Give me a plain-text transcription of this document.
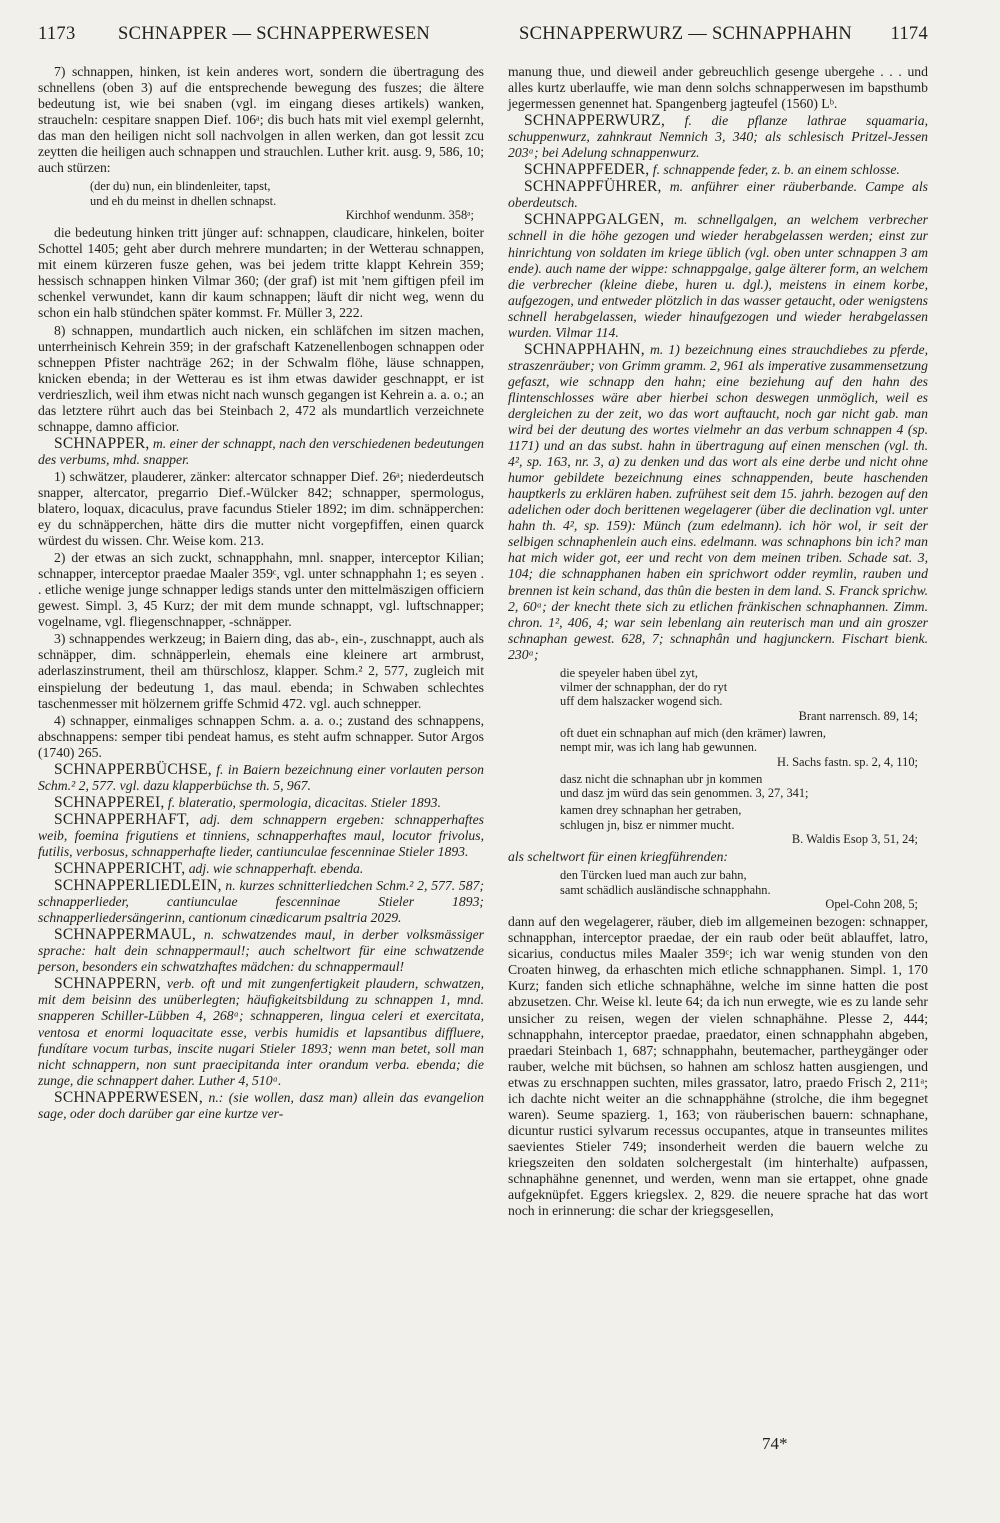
1173 SCHNAPPER — SCHNAPPERWESEN	SCHNAPPERWURZ — SCHNAPPHAHN 1174

7) schnappen, hinken, ist kein anderes wort, sondern die übertragung des schnellens (oben 3) auf die entsprechende bewegung des fuszes; die ältere bedeutung ist, wie bei snaben (vgl. im eingang dieses artikels) wanken, straucheln: cespitare snappen Dief. 106ᵃ; dis buch hats mit viel exempl gelernht, das man den heiligen nicht soll nachvolgen in allen werken, dan got lessit zcu zeytten die heiligen auch schnappen und strauchlen. Luther krit. ausg. 9, 586, 10; auch stürzen:

(der du) nun, ein blindenleiter, tapst,
und eh du meinst in dhellen schnapst.
Kirchhof wendunm. 358ᵃ;

die bedeutung hinken tritt jünger auf: schnappen, claudicare, hinkelen, boiter Schottel 1405; geht aber durch mehrere mundarten; in der Wetterau schnappen, mit einem kürzeren fusze gehen, was bei jedem tritte klappt Kehrein 359; hessisch schnappen hinken Vilmar 360; (der graf) ist mit 'nem giftigen pfeil im schenkel verwundet, kann dir kaum schnappen; läuft dir nicht weg, wenn du schon ein halb stündchen später kommst. Fr. Müller 3, 222.

8) schnappen, mundartlich auch nicken, ein schläfchen im sitzen machen, unterrheinisch Kehrein 359; in der grafschaft Katzenellenbogen schnappen oder schneppen Pfister nachträge 262; in der Schwalm flöhe, läuse schnappen, knicken ebenda; in der Wetterau es ist ihm etwas dawider geschnappt, er ist verdrieszlich, weil ihm etwas nicht nach wunsch gegangen ist Kehrein a. a. o.; an das letztere rührt auch das bei Steinbach 2, 472 als mundartlich verzeichnete schnappe, damno afficior.

SCHNAPPER, m. einer der schnappt, nach den verschiedenen bedeutungen des verbums, mhd. snapper.

1) schwätzer, plauderer, zänker: altercator schnapper Dief. 26ᵃ; niederdeutsch snapper, altercator, pregarrio Dief.-Wülcker 842; schnapper, spermologus, blatero, loquax, dicaculus, prave facundus Stieler 1892; im dim. schnäpperchen: ey du schnäpperchen, hätte dirs die mutter nicht vorgepfiffen, einen quarck würdest du wissen. Chr. Weise kom. 213.

2) der etwas an sich zuckt, schnapphahn, mnl. snapper, interceptor Kilian; schnapper, interceptor praedae Maaler 359ᶜ, vgl. unter schnapphahn 1; es seyen . . etliche wenige junge schnapper ledigs stands unter den mittelmäszigen officiern gewest. Simpl. 3, 45 Kurz; der mit dem munde schnappt, vgl. luftschnapper; vogelname, vgl. fliegenschnapper, -schnäpper.

3) schnappendes werkzeug; in Baiern ding, das ab-, ein-, zuschnappt, auch als schnäpper, dim. schnäpperlein, ehemals eine kleinere art armbrust, aderlaszinstrument, theil am thürschlosz, klapper. Schm.² 2, 577, zugleich mit einspielung der bedeutung 1, das maul. ebenda; in Schwaben schlechtes taschenmesser mit hölzernem griffe Schmid 472. vgl. auch schnepper.

4) schnapper, einmaliges schnappen Schm. a. a. o.; zustand des schnappens, abschnappens: semper tibi pendeat hamus, es steht aufm schnapper. Sutor Argos (1740) 265.

SCHNAPPERBÜCHSE, f. in Baiern bezeichnung einer vorlauten person Schm.² 2, 577. vgl. dazu klapperbüchse th. 5, 967.

SCHNAPPEREI, f. blateratio, spermologia, dicacitas. Stieler 1893.

SCHNAPPERHAFT, adj. dem schnappern ergeben: schnapperhaftes weib, foemina frigutiens et tinniens, schnapperhaftes maul, locutor frivolus, futilis, verbosus, schnapperhafte lieder, cantiunculae fescenninae Stieler 1893.

SCHNAPPERICHT, adj. wie schnapperhaft. ebenda.

SCHNAPPERLIEDLEIN, n. kurzes schnitterliedchen Schm.² 2, 577. 587; schnapperlieder, cantiunculae fescenninae Stieler 1893; schnapperliedersängerinn, cantionum cinædicarum psaltria 2029.

SCHNAPPERMAUL, n. schwatzendes maul, in derber volksmässiger sprache: halt dein schnappermaul!; auch scheltwort für eine schwatzende person, besonders ein schwatzhaftes mädchen: du schnappermaul!

SCHNAPPERN, verb. oft und mit zungenfertigkeit plaudern, schwatzen, mit dem beisinn des unüberlegten; häufigkeitsbildung zu schnappen 1, mnd. snapperen Schiller-Lübben 4, 268ᵃ; schnapperen, lingua celeri et exercitata, ventosa et enormi loquacitate esse, verbis humidis et lapsantibus diffluere, fundítare vocum turbas, inscite nugari Stieler 1893; wenn man betet, soll man nicht schnappern, non sunt praecipitanda inter orandum verba. ebenda; die zunge, die schnappert daher. Luther 4, 510ᵃ.

SCHNAPPERWESEN, n.: (sie wollen, dasz man) allein das evangelion sage, oder doch darüber gar eine kurtze ver-

manung thue, und dieweil ander gebreuchlich gesenge ubergehe . . . und alles kurtz uberlauffe, wie man denn solchs schnapperwesen im bapsthumb jegermessen genennet hat. Spangenberg jagteufel (1560) Lᵇ.

SCHNAPPERWURZ, f. die pflanze lathrae squamaria, schuppenwurz, zahnkraut Nemnich 3, 340; als schlesisch Pritzel-Jessen 203ᵃ; bei Adelung schnappenwurz.

SCHNAPPFEDER, f. schnappende feder, z. b. an einem schlosse.

SCHNAPPFÜHRER, m. anführer einer räuberbande. Campe als oberdeutsch.

SCHNAPPGALGEN, m. schnellgalgen, an welchem verbrecher schnell in die höhe gezogen und wieder herabgelassen werden; einst zur hinrichtung von soldaten im kriege üblich (vgl. oben unter schnappen 3 am ende). auch name der wippe: schnappgalge, galge älterer form, an welchem die verbrecher (kleine diebe, huren u. dgl.), meistens in einem korbe, aufgezogen, und entweder plötzlich in das wasser getaucht, oder wenigstens schnell herabgelassen, wieder hinaufgezogen und wieder herabgelassen wurden. Vilmar 114.

SCHNAPPHAHN, m. 1) bezeichnung eines strauchdiebes zu pferde, straszenräuber; von Grimm gramm. 2, 961 als imperative zusammensetzung gefaszt, wie schnapp den hahn; eine beziehung auf den hahn des flintenschlosses wäre aber hierbei schon deswegen unmöglich, weil es dergleichen zu der zeit, wo das wort auftaucht, noch gar nicht gab. man wird bei der deutung des wortes vielmehr an das verbum schnappen 4 (sp. 1171) und an das subst. hahn in übertragung auf einen menschen (vgl. th. 4², sp. 163, nr. 3, a) zu denken und das wort als eine derbe und nicht ohne humor gebildete bezeichnung eines schnappenden, beute haschenden hauptkerls zu erklären haben. zufrühest seit dem 15. jahrh. bezogen auf den adelichen oder doch berittenen wegelagerer (über die declination vgl. unter hahn th. 4², sp. 159): Münch (zum edelmann). ich hör wol, ir seit der selbigen schnaphenlein auch eins. edelmann. was schnaphons bin ich? man hat mich wider got, eer und recht von dem meinen triben. Schade sat. 3, 104; die schnapphanen haben ein sprichwort odder reymlin, rauben und brennen ist kein schand, das thûn die besten in dem land. S. Franck sprichw. 2, 60ᵃ; der knecht thete sich zu etlichen fränkischen schnaphannen. Zimm. chron. 1², 406, 4; war sein lebenlang ain reuterisch man und ain groszer schnaphan gewest. 628, 7; schnaphân und hagjunckern. Fischart bienk. 230ᵃ;

die speyeler haben übel zyt,
vilmer der schnapphan, der do ryt
uff dem halszacker wogend sich.
Brant narrensch. 89, 14;
oft duet ein schnaphan auf mich (den krämer) lawren,
nempt mir, was ich lang hab gewunnen.
H. Sachs fastn. sp. 2, 4, 110;
dasz nicht die schnaphan ubr jn kommen
und dasz jm würd das sein genommen. 3, 27, 341;
kamen drey schnaphan her getraben,
schlugen jn, bisz er nimmer mucht.
B. Waldis Esop 3, 51, 24;

als scheltwort für einen kriegführenden:

den Türcken lued man auch zur bahn,
samt schädlich ausländische schnapphahn.
Opel-Cohn 208, 5;

dann auf den wegelagerer, räuber, dieb im allgemeinen bezogen: schnapper, schnapphan, interceptor praedae, der ein raub oder beüt ablauffet, latro, sicarius, conductus miles Maaler 359ᶜ; ich war wenig stunden von den Croaten hinweg, da erhaschten mich etliche schnapphanen. Simpl. 1, 170 Kurz; fanden sich etliche schnaphähne, welche im sinne hatten die post abzusetzen. Chr. Weise kl. leute 64; da ich nun erwegte, wie es zu lande sehr unsicher zu reisen, wegen der vielen schnaphähne. Plesse 2, 444; schnapphahn, interceptor praedae, praedator, einen schnapphahn abgeben, praedari Steinbach 1, 687; schnapphahn, beutemacher, partheygänger oder rauber, welche mit büchsen, so hahnen am schlosz hatten ausgiengen, und etwas zu erschnappen suchten, miles grassator, latro, praedo Frisch 2, 211ᵃ; ich dachte nicht weiter an die schnapphähne (strolche, die ihm begegnet waren). Seume spazierg. 1, 163; von räuberischen bauern: schnaphane, dicuntur rustici sylvarum recessus occupantes, atque in transeuntes milites saevientes Stieler 749; insonderheit werden die bauern welche zu kriegszeiten den soldaten solchergestalt (im hinterhalte) aufpassen, schnaphähne genennet, und werden, wenn man sie ertappet, ohne gnade aufgeknüpfet. Eggers kriegslex. 2, 829. die neuere sprache hat das wort noch in erinnerung: die schar der kriegsgesellen,

74*
